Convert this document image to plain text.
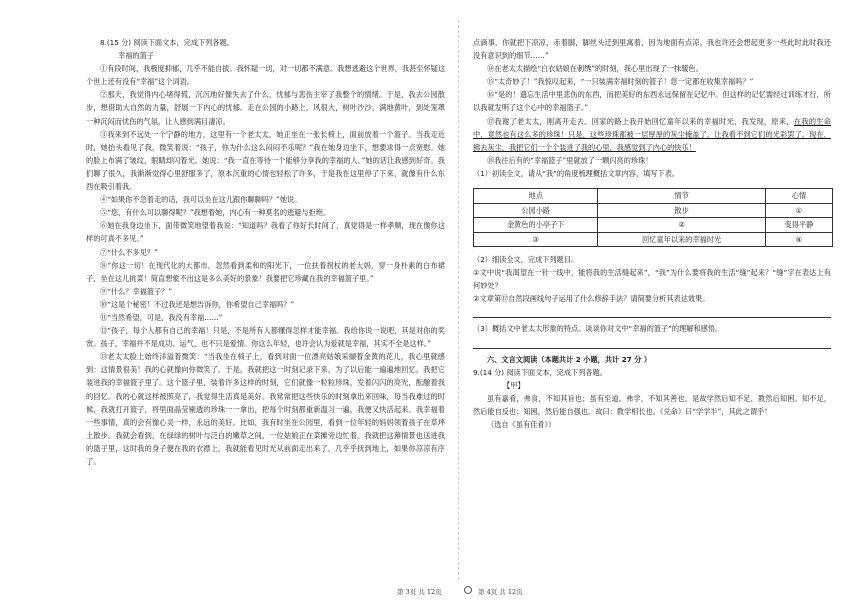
8.(15 分) 阅读下面文本，完成下列各题。

幸福的篮子

①有段时间，我极度抑郁，几乎不能自拔。我怀疑一切，对一切都不满意。我想逃避这个世界，我甚至怀疑这个世上还有没有“幸福”这个词语。

②那天，我觉得内心堵得慌，沉沉地好像失去了什么，忧郁与悲伤主宰了我整个的情绪。于是，我去公园散步，想借助大自然的力量，舒展一下内心的忧郁。走在公园的小路上，风很大，树叶沙沙，满地黄叶，到处笼罩一种沉闷而忧伤的气氛，让人感到满目凄凉。

③我来到不远处一个宁静的地方，这里有一个老太太，她正坐在一张长椅上，面前放着一个篮子。当我走近时，她抬头看见了我，微笑着说：“孩子，你为什么这么闷闷不乐呢？”我在她身边坐下，想要求得一点宽慰。她的脸上布满了皱纹，眼睛却闪着光。她说：“我一直在等待一个能够分享我的幸福的人。”她的话让我感到好奇。我们聊了很久，我渐渐觉得心里舒服多了，原本沉重的心情也轻松了许多，于是我在这里停了下来，就像有什么东西在吸引着我。

④“如果你不急着走的话，我可以坐在这儿跟你聊聊吗？”她说。

⑤“您，有什么可以聊得呢？”我想着她，内心有一种莫名的逃避与拒绝。

⑥她在我身边坐下，面带微笑地望着我说：“知道吗？我看了你好长时间了，真觉得是一样孝顺，现在像你这样的可真不多见。”

⑦“什么不多见？”

⑧“你这一切！在现代化的大都市，忽然看到柔和的阳光下，一位扶着拐杖的老大妈，穿一身朴素的白布裙子，坐在这儿挑菜！简直想象不出这是多么美好的景象！我要把它珍藏在我的幸福篮子里。”

⑨“什么？幸福篮子？”

⑩“这是个秘密！不过我还是想告诉你，你希望自己幸福吗？”

⑪“当然希望，可是，我没有幸福……”

⑫“孩子，每个人都有自己的幸福！只是，不是所有人都懂得怎样才能幸福。我给你说一说吧，其是对你的奖赏。孩子，幸福并不是成功、运气，也不只是爱情。你这么年轻，也许会认为爱就是幸福，其实不全是这样。”

⑬老太太脸上始终洋溢着微笑：“当我坐在椅子上，看到对面一位漂亮姑娘采撷着金黄的花儿，我心里就感到：这情景很美！我的心就像向你微笑了。于是，我就把这一时刻记录下来，为了以后能一遍遍地回忆，我把它装进我的幸福篮子里了。这个篮子里，装着许多这样的时刻，它们就像一粒粒珍珠，发着闪闪的亮光，酝酿着我的回忆。我的心就这样被照亮了，我觉得生活真是美好。我常常把这些快乐的时刻拿出来回味，每当我难过的时候，我就打开篮子，将里面晶莹剔透的珍珠一一拿出，把每个时刻都重新温习一遍，我便又快活起来。我幸福着一些事情，真的会有像心灵一样，永远的美好。比如，我有时坐在公园里，看到一位年轻的妈妈领着孩子在草坪上散步。我就会看到，在绿绿的树叶与泛白的嫩草之间，一位姑娘正在菜摊旁边忙着。我就把这幕情景也送进我的篮子里，这时我的身子便在我的衣襟上，我就能看见时光从前面走出来了，几乎乎抚到地上，如果你凉凉有序了。

点滴事，你就把下凉凉，赤着脚，脚丝头迁到里寓着，因为地面有点凉。我也许还会想起更多一些此时此时我还没有意识到的细节……”

⑭在老太太描绘“白衣姑娘在刺绣”的时刻，我心里出现了一抹暖色。

⑮“太奇妙了！”我惊叹起来，“一只装满幸福时刻的篮子！您一定都在收集幸福吗？”

⑯“是的！遗忘生活中里悲伤的东西，而把美好的东西永远保留在记忆中。但这样的记忆需经过训练才行，所以我就发明了这个心中的幸福篮子。”

⑰我谢了老太太，刚离开走去。回家的路上我开始回忆童年以来的幸福时光，我发现，原来，在我的生命中，竟然也有这么多的珍珠！只是，这些珍珠都被一层厚厚的灰尘掩盖了，让我看不到它们的光彩罢了。现在，拂去灰尘，我把它们一个个装进了我的心里，我感觉到了内心的快乐！

⑱我往后有的“幸福篮子”里就放了一颗闪亮的珍珠！

（1）初读全文，请从“我”的角度梳理概括文章内容，填写下表。

地点	情节	心情
公园小路	散步	①
金黄色的小亭子下	②	变得平静
③	回忆童年以来的幸福时光	④

（2）细读全文，完成下列题目。

①文中说“我渴望在一针一线中，能将我的生活缝起来”，“我”为什么要将我的生活“缝”起来？“缝”字在表达上有何妙处？

②文章第⑰自然段画线句子运用了什么修辞手法？请简要分析其表达效果。

（3）概括文中老太太形象的特点。谈谈你对文中“幸福的篮子”的理解和感悟。

六、文言文阅读（本题共计 2 小题，共计 27 分 ）

9.(14 分) 阅读下面文本，完成下列各题。

【甲】

虽有嘉肴，弗食，不知其旨也；虽有至道，弗学，不知其善也。是故学然后知不足，教然后知困。知不足，然后能自反也；知困，然后能自强也。故曰：教学相长也。《兑命》曰“学学半”，其此之谓乎！

（选自《虽有佳肴》）

第 3页 共 12页	第 4页 共 12页
